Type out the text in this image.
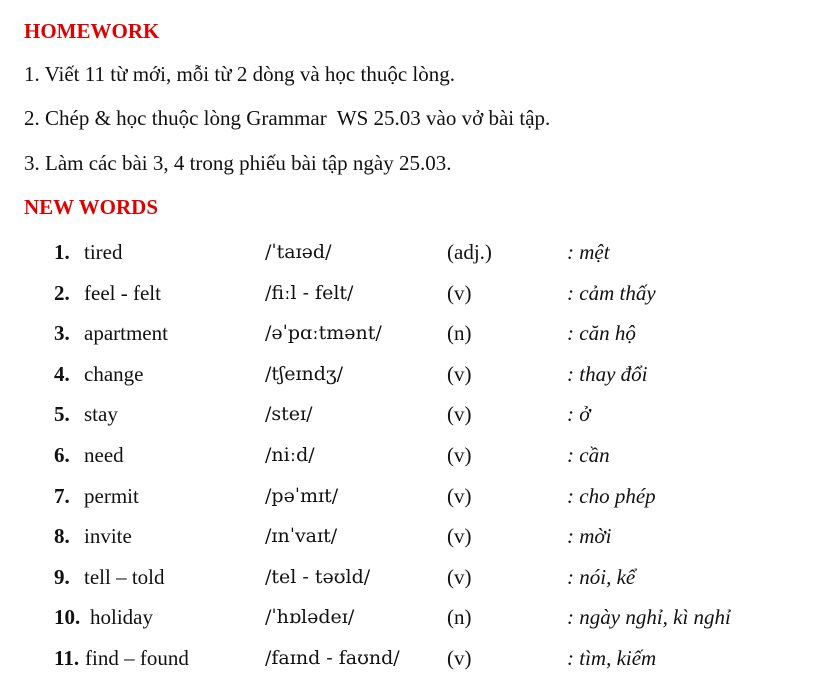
HOMEWORK
1. Viết 11 từ mới, mỗi từ 2 dòng và học thuộc lòng.
2. Chép & học thuộc lòng Grammar  WS 25.03 vào vở bài tập.
3. Làm các bài 3, 4 trong phiếu bài tập ngày 25.03.
NEW WORDS
1. tired	/ˈtaɪəd/	(adj.)	: mệt
2. feel - felt	/fiːl - felt/	(v)	: cảm thấy
3. apartment	/əˈpɑːtmənt/	(n)	: căn hộ
4. change	/tʃeɪndʒ/	(v)	: thay đổi
5. stay	/steɪ/	(v)	: ở
6. need	/niːd/	(v)	: cần
7. permit	/pəˈmɪt/	(v)	: cho phép
8. invite	/ɪnˈvaɪt/	(v)	: mời
9. tell – told	/tel - təʊld/	(v)	: nói, kể
10. holiday	/ˈhɒlədeɪ/	(n)	: ngày nghỉ, kì nghỉ
11. find – found	/faɪnd - faʊnd/ (v)	: tìm, kiếm
